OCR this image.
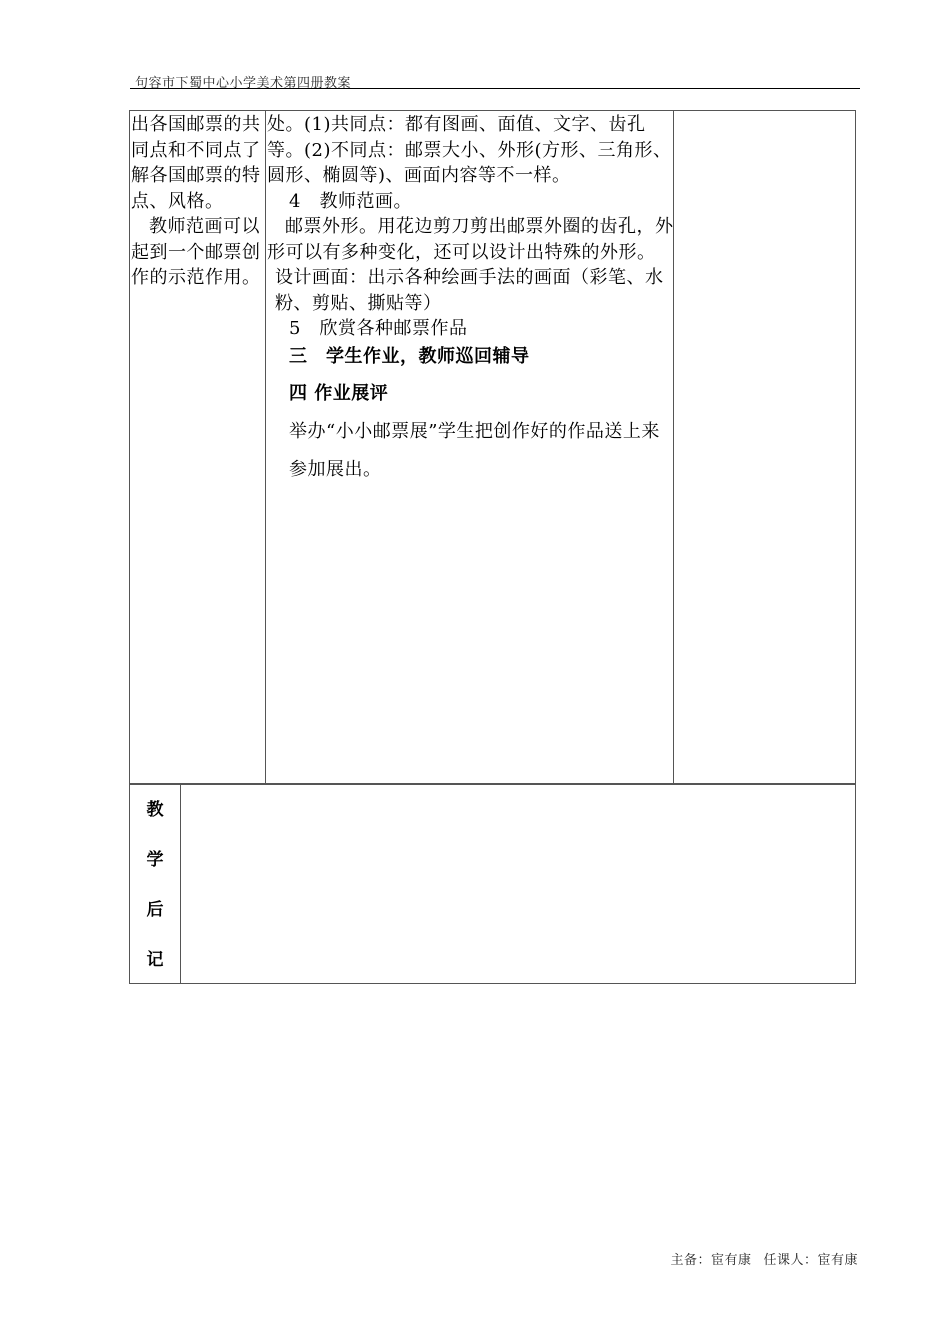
句容市下蜀中心小学美术第四册教案

出各国邮票的共同点和不同点了解各国邮票的特点、风格。

教师范画可以起到一个邮票创作的示范作用。

处。(1)共同点：都有图画、面值、文字、齿孔等。(2)不同点：邮票大小、外形(方形、三角形、圆形、椭圆等)、画面内容等不一样。

4　教师范画。

邮票外形。用花边剪刀剪出邮票外圈的齿孔，外形可以有多种变化，还可以设计出特殊的外形。

设计画面：出示各种绘画手法的画面（彩笔、水粉、剪贴、撕贴等）

5　欣赏各种邮票作品

三　学生作业，教师巡回辅导

四 作业展评

举办“小小邮票展”学生把创作好的作品送上来参加展出。

教
学
后
记
主备：宦有康 任课人：宦有康
